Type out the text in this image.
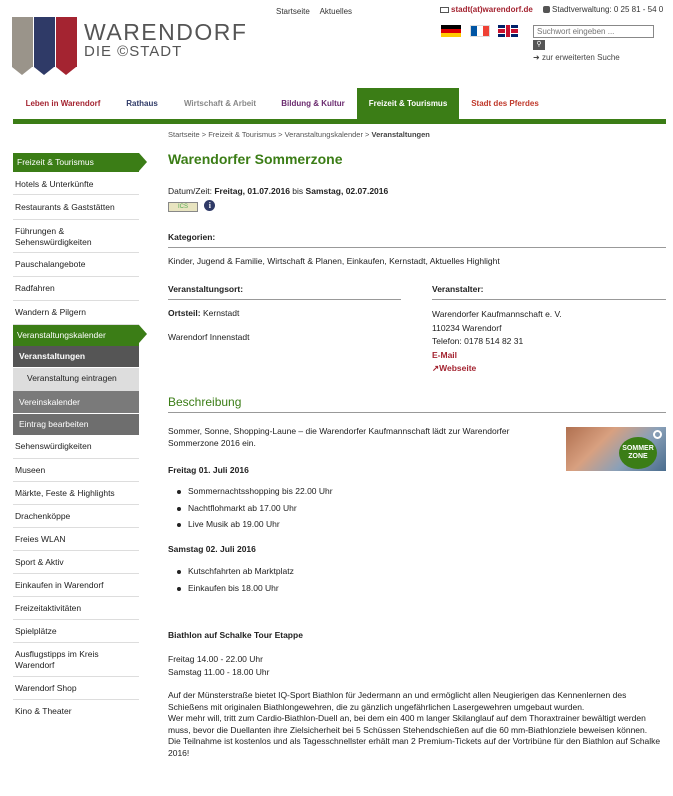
WARENDORF
DIE ©STADT
Startseite Aktuelles	stadt(at)warendorf.de Stadtverwaltung: 0 25 81 - 54 0

Suchwort eingeben ...
⚲
➜ zur erweiterten Suche
Leben in Warendorf	Rathaus	Wirtschaft & Arbeit	Bildung & Kultur	Freizeit & Tourismus	Stadt des Pferdes
Startseite > Freizeit & Tourismus > Veranstaltungskalender > Veranstaltungen
Freizeit & Tourismus
Hotels & Unterkünfte
Restaurants & Gaststätten
Führungen & Sehenswürdigkeiten
Pauschalangebote
Radfahren
Wandern & Pilgern
Veranstaltungskalender
Veranstaltungen
Veranstaltung eintragen
Vereinskalender
Eintrag bearbeiten
Sehenswürdigkeiten
Museen
Märkte, Feste & Highlights
Drachenköppe
Freies WLAN
Sport & Aktiv
Einkaufen in Warendorf
Freizeitaktivitäten
Spielplätze
Ausflugstipps im Kreis Warendorf
Warendorf Shop
Kino & Theater
Warendorfer Sommerzone
Datum/Zeit: Freitag, 01.07.2016 bis Samstag, 02.07.2016
ICS	i
Kategorien:
Kinder, Jugend & Familie, Wirtschaft & Planen, Einkaufen, Kernstadt, Aktuelles Highlight
Veranstaltungsort:
Ortsteil: Kernstadt
Warendorf Innenstadt
Veranstalter:
Warendorfer Kaufmannschaft e. V.
110234 Warendorf
Telefon: 0178 514 82 31
E-Mail
↗Webseite
Beschreibung
Sommer, Sonne, Shopping-Laune – die Warendorfer Kaufmannschaft lädt zur Warendorfer Sommerzone 2016 ein.
SOMMER ZONE
Freitag 01. Juli 2016
Sommernachtsshopping bis 22.00 Uhr
Nachtflohmarkt ab 17.00 Uhr
Live Musik ab 19.00 Uhr
Samstag 02. Juli 2016
Kutschfahrten ab Marktplatz
Einkaufen bis 18.00 Uhr
Biathlon auf Schalke Tour Etappe
Freitag 14.00 - 22.00 Uhr
Samstag 11.00 - 18.00 Uhr
Auf der Münsterstraße bietet IQ-Sport Biathlon für Jedermann an und ermöglicht allen Neugierigen das Kennenlernen des Schießens mit originalen Biathlongewehren, die zu gänzlich ungefährlichen Lasergewehren umgebaut wurden.
Wer mehr will, tritt zum Cardio-Biathlon-Duell an, bei dem ein 400 m langer Skilanglauf auf dem Thoraxtrainer bewältigt werden muss, bevor die Duellanten ihre Zielsicherheit bei 5 Schüssen Stehendschießen auf die 60 mm-Biathlonziele beweisen können.
Die Teilnahme ist kostenlos und als Tagesschnellster erhält man 2 Premium-Tickets auf der Vortribüne für den Biathlon auf Schalke 2016!
